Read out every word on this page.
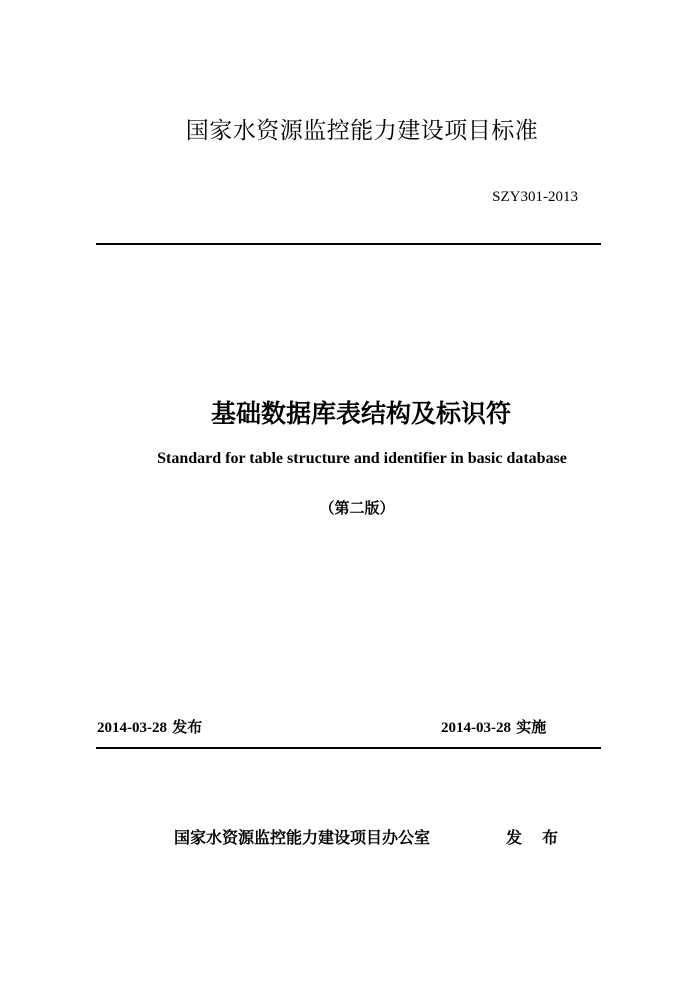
国家水资源监控能力建设项目标准
SZY301-2013
基础数据库表结构及标识符
Standard for table structure and identifier in basic database
（第二版）
2014-03-28 发布	2014-03-28 实施
国家水资源监控能力建设项目办公室	发 布
